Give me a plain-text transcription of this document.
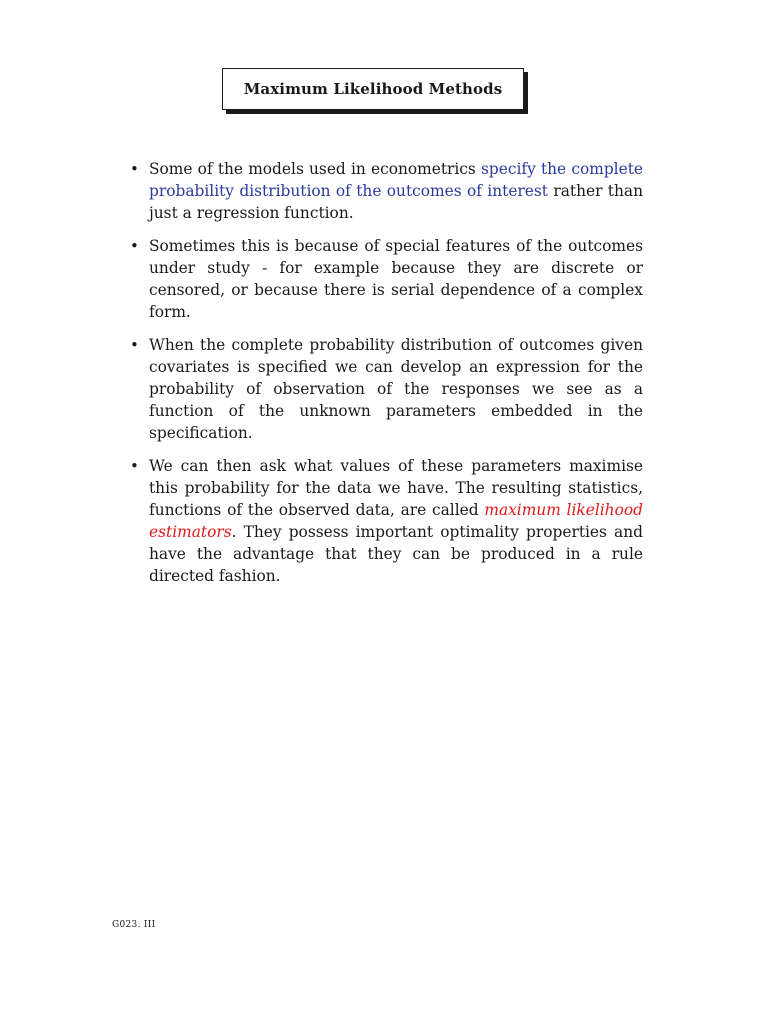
Maximum Likelihood Methods
• Some of the models used in econometrics specify the complete probability distribution of the outcomes of interest rather than just a regression function.
• Sometimes this is because of special features of the outcomes under study - for example because they are discrete or censored, or because there is serial dependence of a complex form.
• When the complete probability distribution of outcomes given covariates is specified we can develop an expression for the probability of observation of the responses we see as a function of the unknown parameters embedded in the specification.
• We can then ask what values of these parameters maximise this probability for the data we have. The resulting statistics, functions of the observed data, are called maximum likelihood estimators. They possess important optimality properties and have the advantage that they can be produced in a rule directed fashion.
G023. III
